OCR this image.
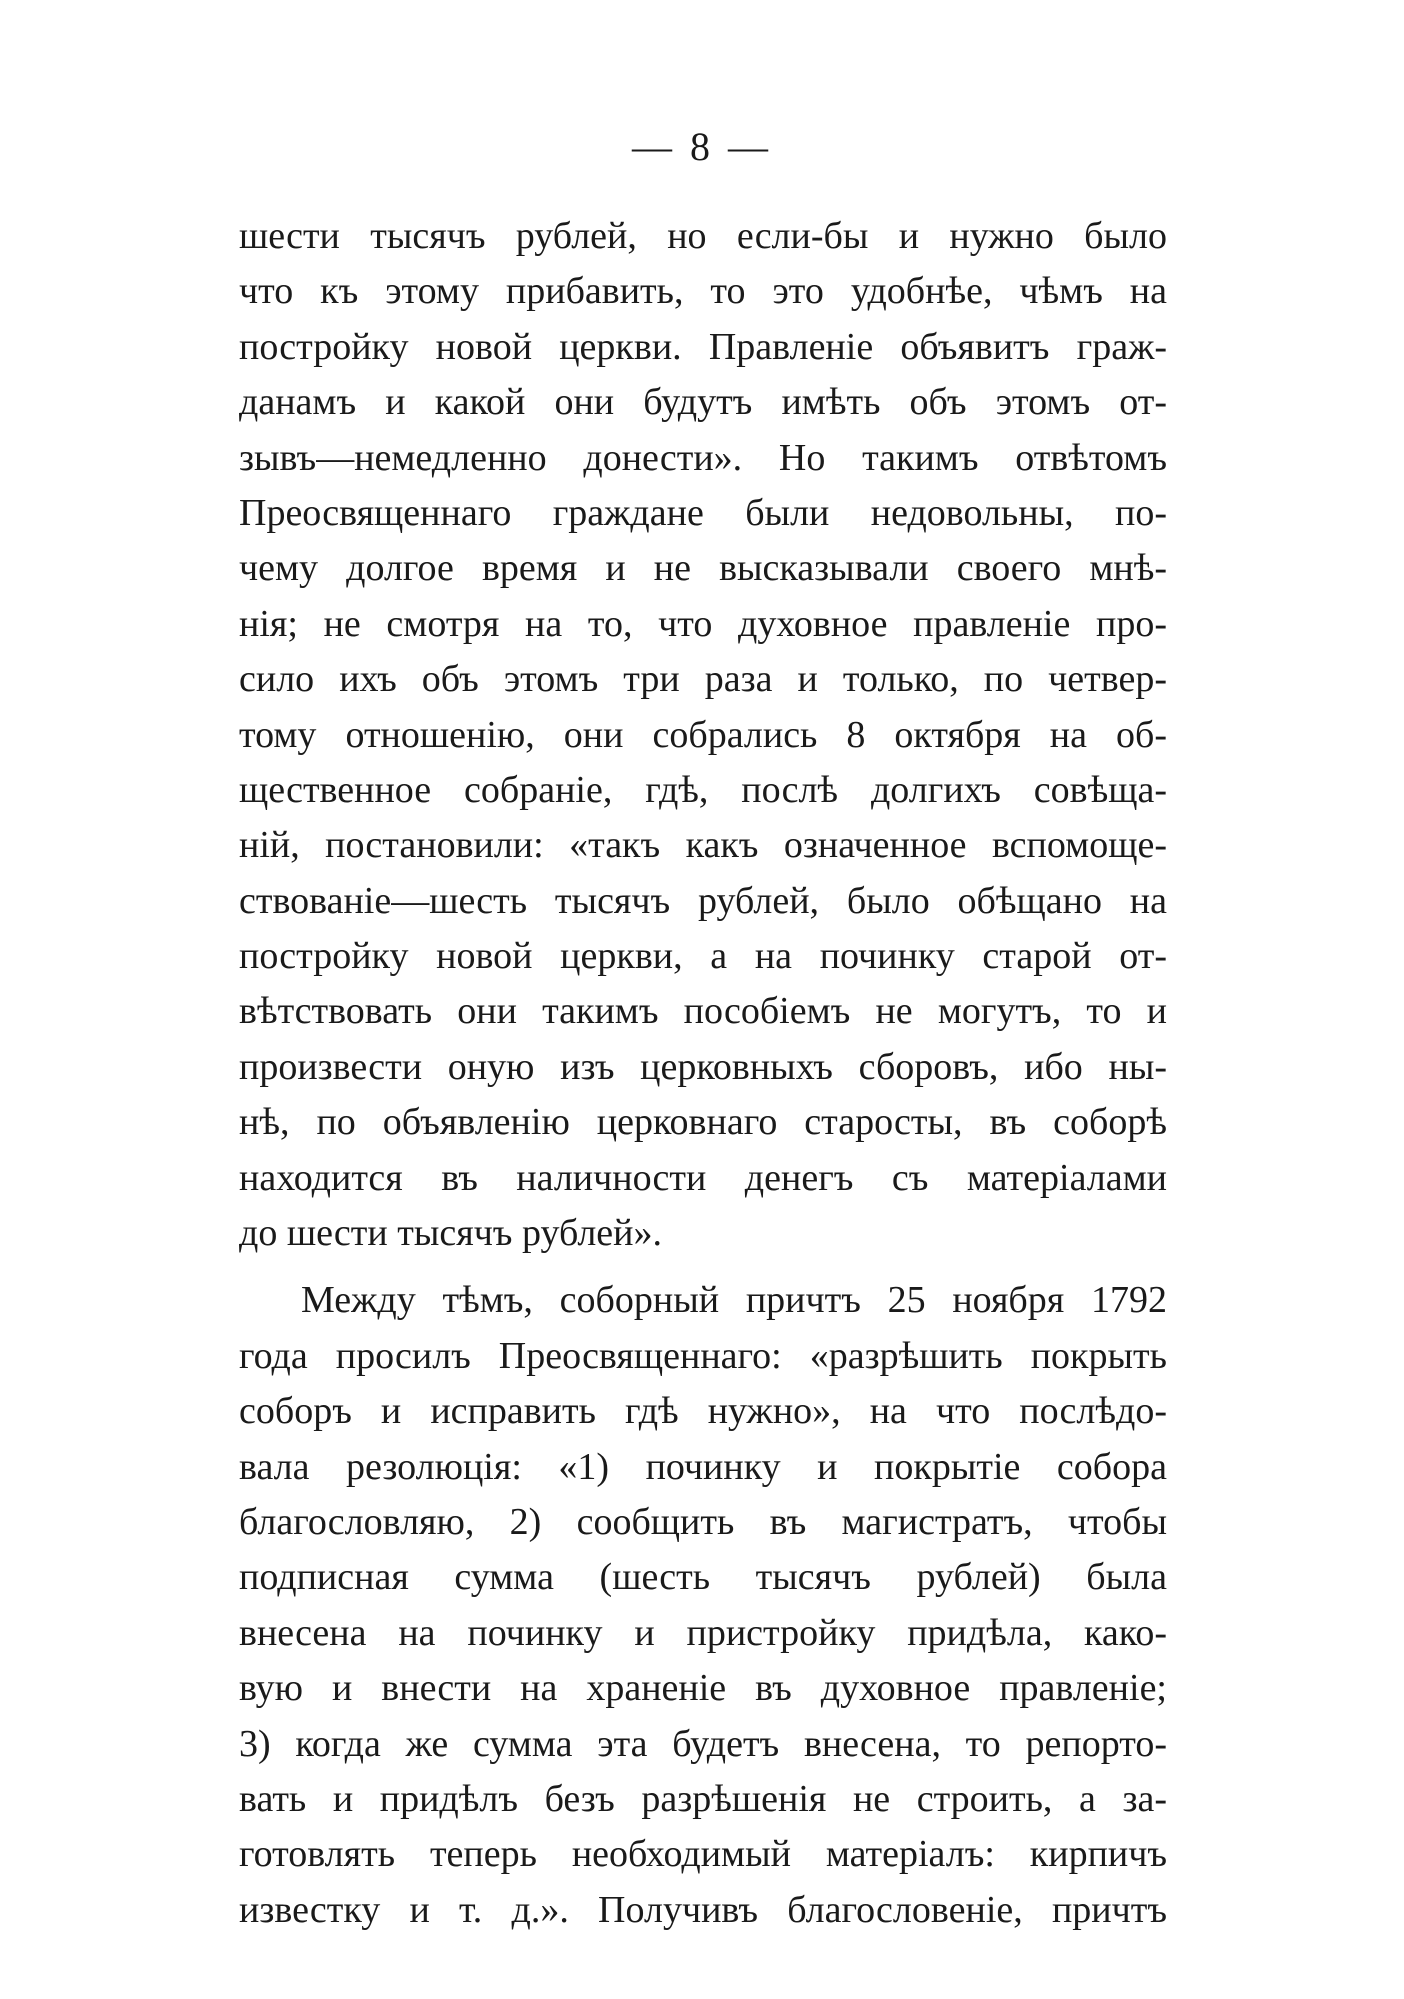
— 8 —
шести тысячъ рублей, но если-бы и нужно было
что къ этому прибавить, то это удобнѣе, чѣмъ на
постройку новой церкви. Правленіе объявитъ граж-
данамъ и какой они будутъ имѣть объ этомъ от-
зывъ—немедленно донести». Но такимъ отвѣтомъ
Преосвященнаго граждане были недовольны, по-
чему долгое время и не высказывали своего мнѣ-
нія; не смотря на то, что духовное правленіе про-
сило ихъ объ этомъ три раза и только, по четвер-
тому отношенію, они собрались 8 октября на об-
щественное собраніе, гдѣ, послѣ долгихъ совѣща-
ній, постановили: «такъ какъ означенное вспомоще-
ствованіе—шесть тысячъ рублей, было обѣщано на
постройку новой церкви, а на починку старой от-
вѣтствовать они такимъ пособіемъ не могутъ, то и
произвести оную изъ церковныхъ сборовъ, ибо ны-
нѣ, по объявленію церковнаго старосты, въ соборѣ
находится въ наличности денегъ съ матеріалами
до шести тысячъ рублей».
Между тѣмъ, соборный причтъ 25 ноября 1792
года просилъ Преосвященнаго: «разрѣшить покрыть
соборъ и исправить гдѣ нужно», на что послѣдо-
вала резолюція: «1) починку и покрытіе собора
благословляю, 2) сообщить въ магистратъ, чтобы
подписная сумма (шесть тысячъ рублей) была
внесена на починку и пристройку придѣла, како-
вую и внести на храненіе въ духовное правленіе;
3) когда же сумма эта будетъ внесена, то репорто-
вать и придѣлъ безъ разрѣшенія не строить, а за-
готовлять теперь необходимый матеріалъ: кирпичъ
известку и т. д.». Получивъ благословеніе, причтъ
